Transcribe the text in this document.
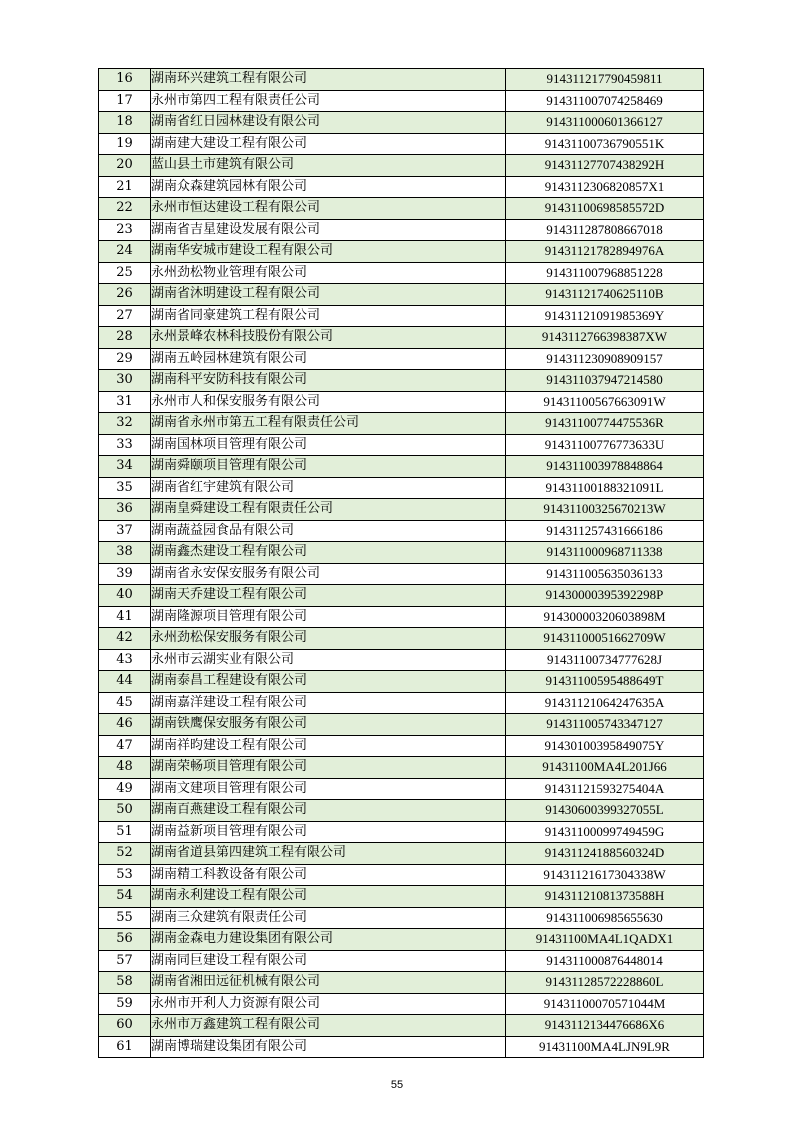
16	湖南环兴建筑工程有限公司	914311217790459811
17	永州市第四工程有限责任公司	914311007074258469
18	湖南省红日园林建设有限公司	914311000601366127
19	湖南建大建设工程有限公司	91431100736790551K
20	蓝山县土市建筑有限公司	91431127707438292H
21	湖南众森建筑园林有限公司	9143112306820857X1
22	永州市恒达建设工程有限公司	91431100698585572D
23	湖南省吉星建设发展有限公司	914311287808667018
24	湖南华安城市建设工程有限公司	91431121782894976A
25	永州劲松物业管理有限公司	914311007968851228
26	湖南省沐明建设工程有限公司	91431121740625110B
27	湖南省同豪建筑工程有限公司	91431121091985369Y
28	永州景峰农林科技股份有限公司	9143112766398387XW
29	湖南五岭园林建筑有限公司	914311230908909157
30	湖南科平安防科技有限公司	914311037947214580
31	永州市人和保安服务有限公司	91431100567663091W
32	湖南省永州市第五工程有限责任公司	91431100774475536R
33	湖南国林项目管理有限公司	91431100776773633U
34	湖南舜颐项目管理有限公司	914311003978848864
35	湖南省红宇建筑有限公司	91431100188321091L
36	湖南皇舜建设工程有限责任公司	91431100325670213W
37	湖南蔬益园食品有限公司	914311257431666186
38	湖南鑫杰建设工程有限公司	914311000968711338
39	湖南省永安保安服务有限公司	914311005635036133
40	湖南天乔建设工程有限公司	91430000395392298P
41	湖南隆源项目管理有限公司	91430000320603898M
42	永州劲松保安服务有限公司	91431100051662709W
43	永州市云湖实业有限公司	91431100734777628J
44	湖南泰昌工程建设有限公司	91431100595488649T
45	湖南嘉洋建设工程有限公司	91431121064247635A
46	湖南铁鹰保安服务有限公司	914311005743347127
47	湖南祥昀建设工程有限公司	91430100395849075Y
48	湖南荣畅项目管理有限公司	91431100MA4L201J66
49	湖南文建项目管理有限公司	91431121593275404A
50	湖南百燕建设工程有限公司	91430600399327055L
51	湖南益新项目管理有限公司	91431100099749459G
52	湖南省道县第四建筑工程有限公司	91431124188560324D
53	湖南精工科教设备有限公司	91431121617304338W
54	湖南永利建设工程有限公司	91431121081373588H
55	湖南三众建筑有限责任公司	914311006985655630
56	湖南金森电力建设集团有限公司	91431100MA4L1QADX1
57	湖南同巨建设工程有限公司	914311000876448014
58	湖南省湘田远征机械有限公司	91431128572228860L
59	永州市开利人力资源有限公司	91431100070571044M
60	永州市万鑫建筑工程有限公司	9143112134476686X6
61	湖南博瑞建设集团有限公司	91431100MA4LJN9L9R
55
